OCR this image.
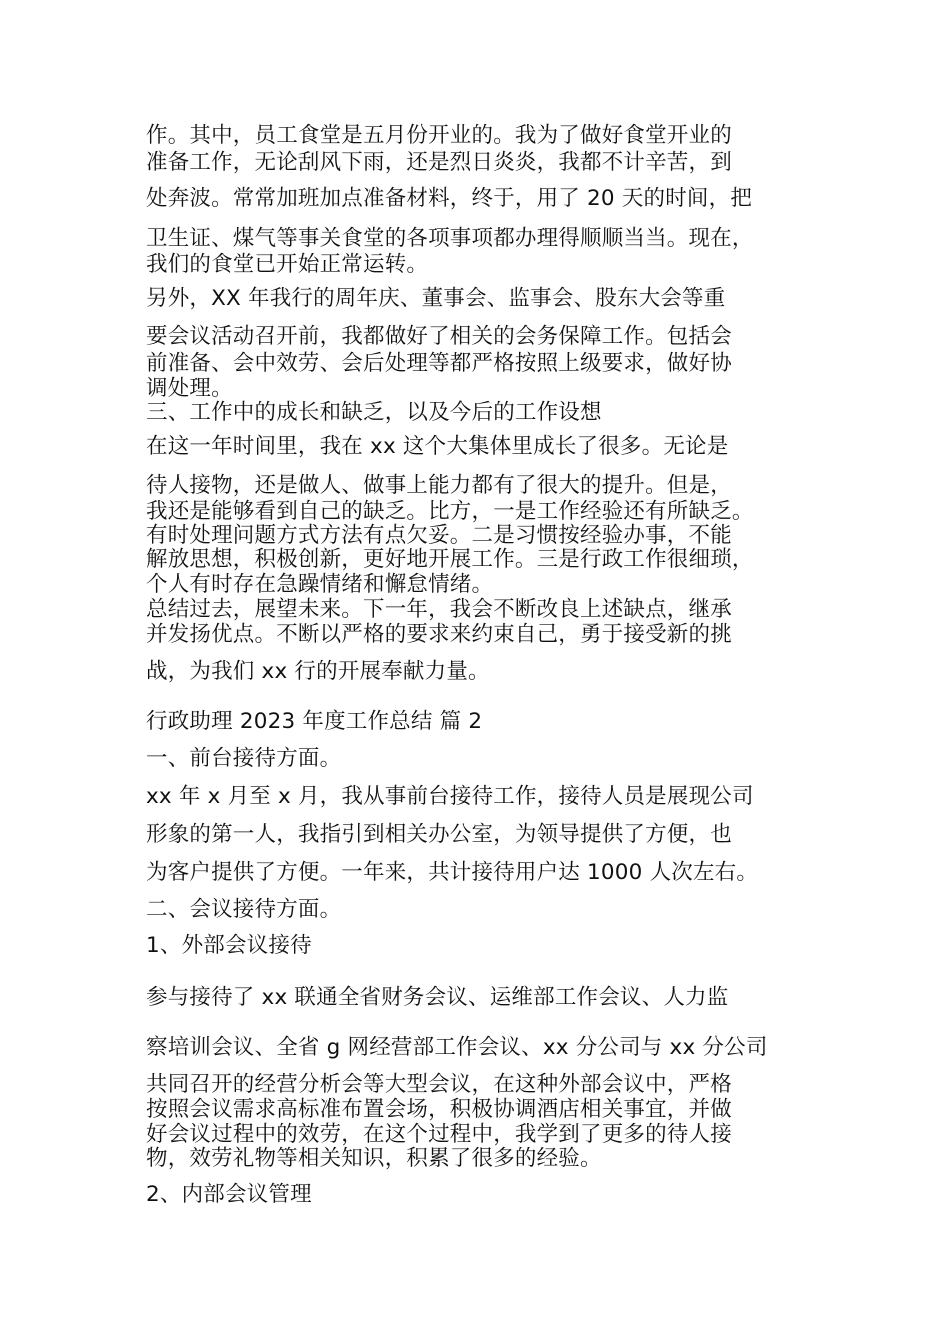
作。其中，员工食堂是五月份开业的。我为了做好食堂开业的
准备工作，无论刮风下雨，还是烈日炎炎，我都不计辛苦，到
处奔波。常常加班加点准备材料，终于，用了 20 天的时间，把
卫生证、煤气等事关食堂的各项事项都办理得顺顺当当。现在，
我们的食堂已开始正常运转。
另外，XX 年我行的周年庆、董事会、监事会、股东大会等重
要会议活动召开前，我都做好了相关的会务保障工作。包括会
前准备、会中效劳、会后处理等都严格按照上级要求，做好协
调处理。
三、工作中的成长和缺乏，以及今后的工作设想
在这一年时间里，我在 xx 这个大集体里成长了很多。无论是
待人接物，还是做人、做事上能力都有了很大的提升。但是，
我还是能够看到自己的缺乏。比方，一是工作经验还有所缺乏。
有时处理问题方式方法有点欠妥。二是习惯按经验办事，不能
解放思想，积极创新，更好地开展工作。三是行政工作很细琐，
个人有时存在急躁情绪和懈怠情绪。
总结过去，展望未来。下一年，我会不断改良上述缺点，继承
并发扬优点。不断以严格的要求来约束自己，勇于接受新的挑
战，为我们 xx 行的开展奉献力量。
行政助理 2023 年度工作总结 篇 2
一、前台接待方面。
xx 年 x 月至 x 月，我从事前台接待工作，接待人员是展现公司
形象的第一人，我指引到相关办公室，为领导提供了方便，也
为客户提供了方便。一年来，共计接待用户达 1000 人次左右。
二、会议接待方面。
1、外部会议接待
参与接待了 xx 联通全省财务会议、运维部工作会议、人力监
察培训会议、全省 g 网经营部工作会议、xx 分公司与 xx 分公司
共同召开的经营分析会等大型会议，在这种外部会议中，严格
按照会议需求高标准布置会场，积极协调酒店相关事宜，并做
好会议过程中的效劳，在这个过程中，我学到了更多的待人接
物，效劳礼物等相关知识，积累了很多的经验。
2、内部会议管理
